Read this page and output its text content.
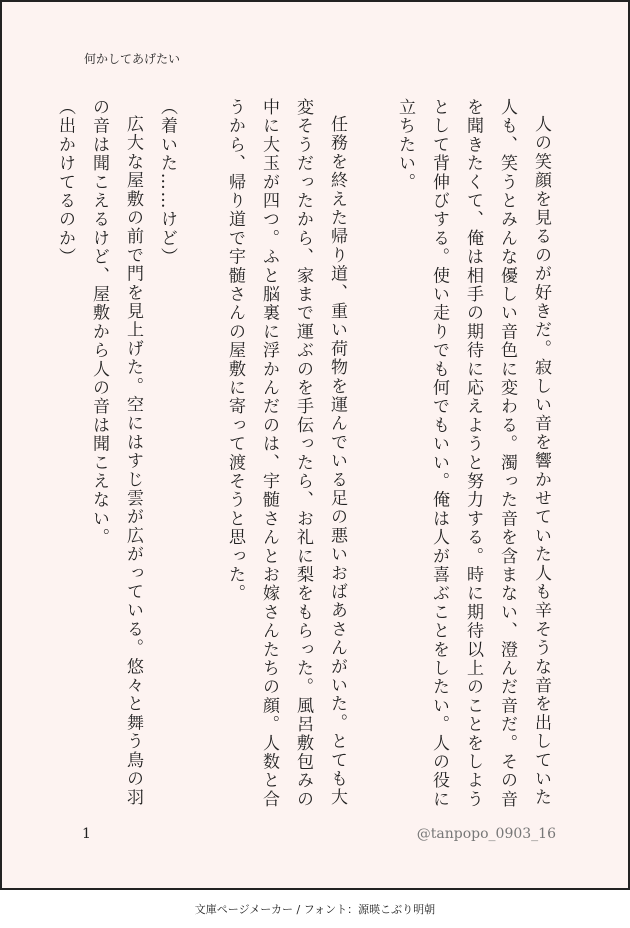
何かしてあげたい

人の笑顔を見るのが好きだ。寂しい音を響かせていた人も辛そうな音を出していた人も、笑うとみんな優しい音色に変わる。濁った音を含まない、澄んだ音だ。その音を聞きたくて、俺は相手の期待に応えようと努力する。時に期待以上のことをしようとして背伸びする。使い走りでも何でもいい。俺は人が喜ぶことをしたい。人の役に立ちたい。

任務を終えた帰り道、重い荷物を運んでいる足の悪いおばあさんがいた。とても大変そうだったから、家まで運ぶのを手伝ったら、お礼に梨をもらった。風呂敷包みの中に大玉が四つ。ふと脳裏に浮かんだのは、宇髄さんとお嫁さんたちの顔。人数と合うから、帰り道で宇髄さんの屋敷に寄って渡そうと思った。

（着いた……けど）

広大な屋敷の前で門を見上げた。空にはすじ雲が広がっている。悠々と舞う鳥の羽の音は聞こえるけど、屋敷から人の音は聞こえない。

（出かけてるのか）

1	@tanpopo_0903_16
文庫ページメーカー / フォント：源暎こぶり明朝
